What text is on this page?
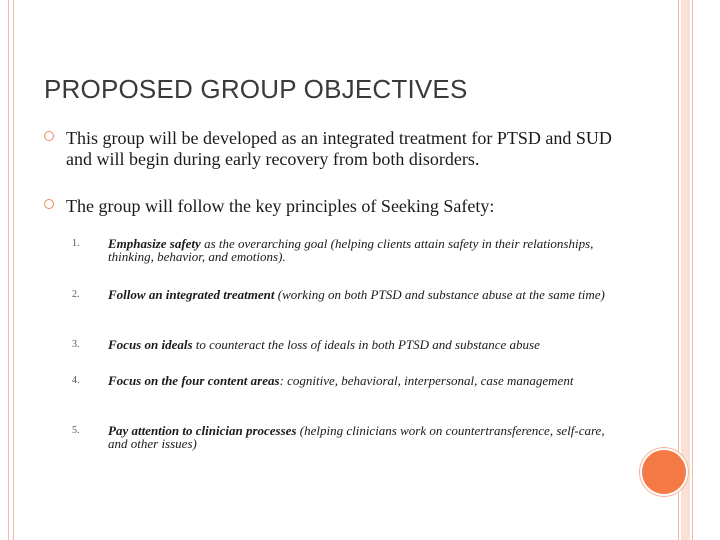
PROPOSED GROUP OBJECTIVES
This group will be developed as an integrated treatment for PTSD and SUD and will begin during early recovery from both disorders.
The group will follow the key principles of Seeking Safety:
1. Emphasize safety as the overarching goal (helping clients attain safety in their relationships, thinking, behavior, and emotions).
2. Follow an integrated treatment (working on both PTSD and substance abuse at the same time)
3. Focus on ideals to counteract the loss of ideals in both PTSD and substance abuse
4. Focus on the four content areas: cognitive, behavioral, interpersonal, case management
5. Pay attention to clinician processes (helping clinicians work on countertransference, self-care, and other issues)
